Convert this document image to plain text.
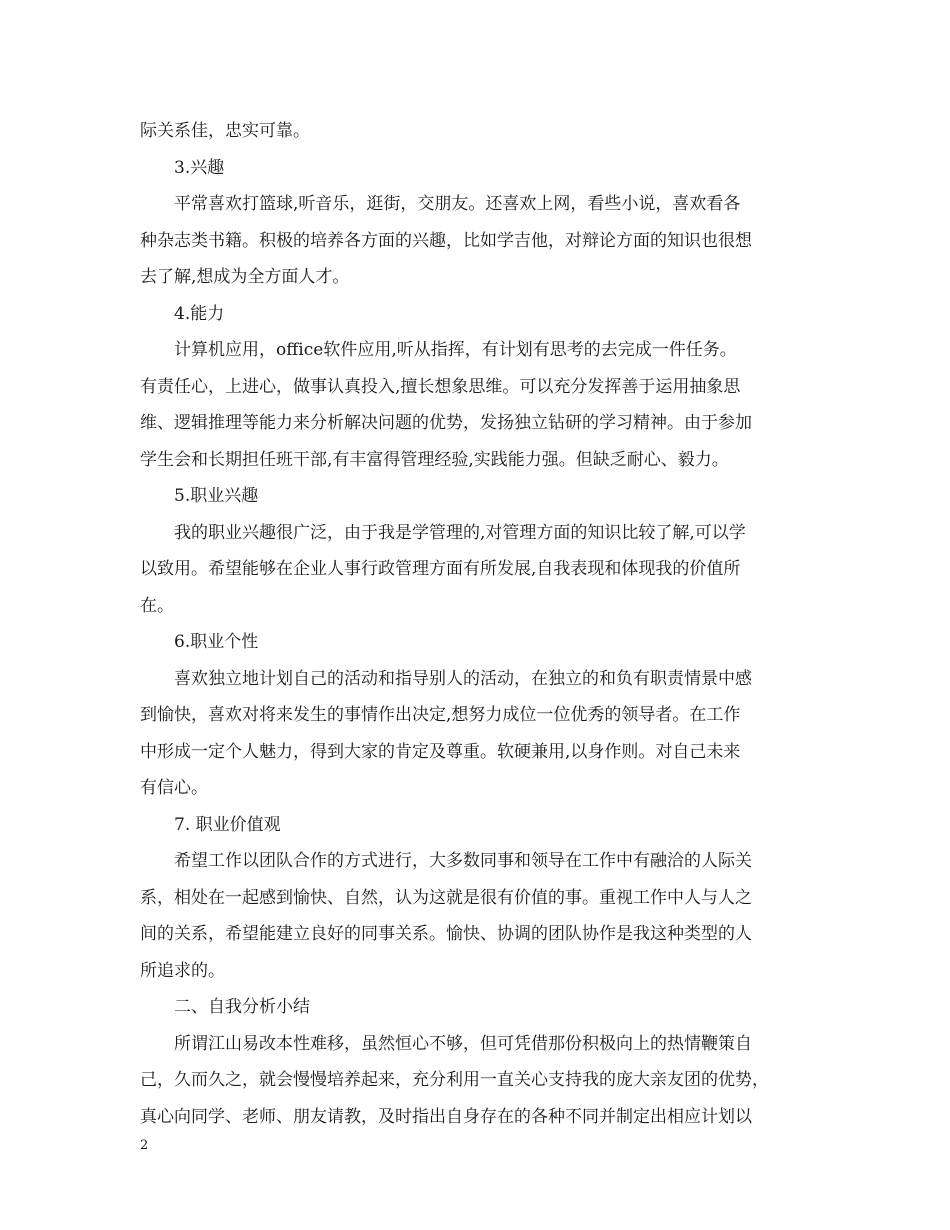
际关系佳，忠实可靠。
3.兴趣
平常喜欢打篮球,听音乐，逛街，交朋友。还喜欢上网，看些小说，喜欢看各
种杂志类书籍。积极的培养各方面的兴趣，比如学吉他，对辩论方面的知识也很想
去了解,想成为全方面人才。
4.能力
计算机应用，office软件应用,听从指挥，有计划有思考的去完成一件任务。
有责任心，上进心，做事认真投入,擅长想象思维。可以充分发挥善于运用抽象思
维、逻辑推理等能力来分析解决问题的优势，发扬独立钻研的学习精神。由于参加
学生会和长期担任班干部,有丰富得管理经验,实践能力强。但缺乏耐心、毅力。
5.职业兴趣
我的职业兴趣很广泛，由于我是学管理的,对管理方面的知识比较了解,可以学
以致用。希望能够在企业人事行政管理方面有所发展,自我表现和体现我的价值所
在。
6.职业个性
喜欢独立地计划自己的活动和指导别人的活动，在独立的和负有职责情景中感
到愉快，喜欢对将来发生的事情作出决定,想努力成位一位优秀的领导者。在工作
中形成一定个人魅力，得到大家的肯定及尊重。软硬兼用,以身作则。对自己未来
有信心。
7. 职业价值观
希望工作以团队合作的方式进行，大多数同事和领导在工作中有融洽的人际关
系，相处在一起感到愉快、自然，认为这就是很有价值的事。重视工作中人与人之
间的关系，希望能建立良好的同事关系。愉快、协调的团队协作是我这种类型的人
所追求的。
二、自我分析小结
所谓江山易改本性难移，虽然恒心不够，但可凭借那份积极向上的热情鞭策自
己，久而久之，就会慢慢培养起来，充分利用一直关心支持我的庞大亲友团的优势，
真心向同学、老师、朋友请教，及时指出自身存在的各种不同并制定出相应计划以
2
